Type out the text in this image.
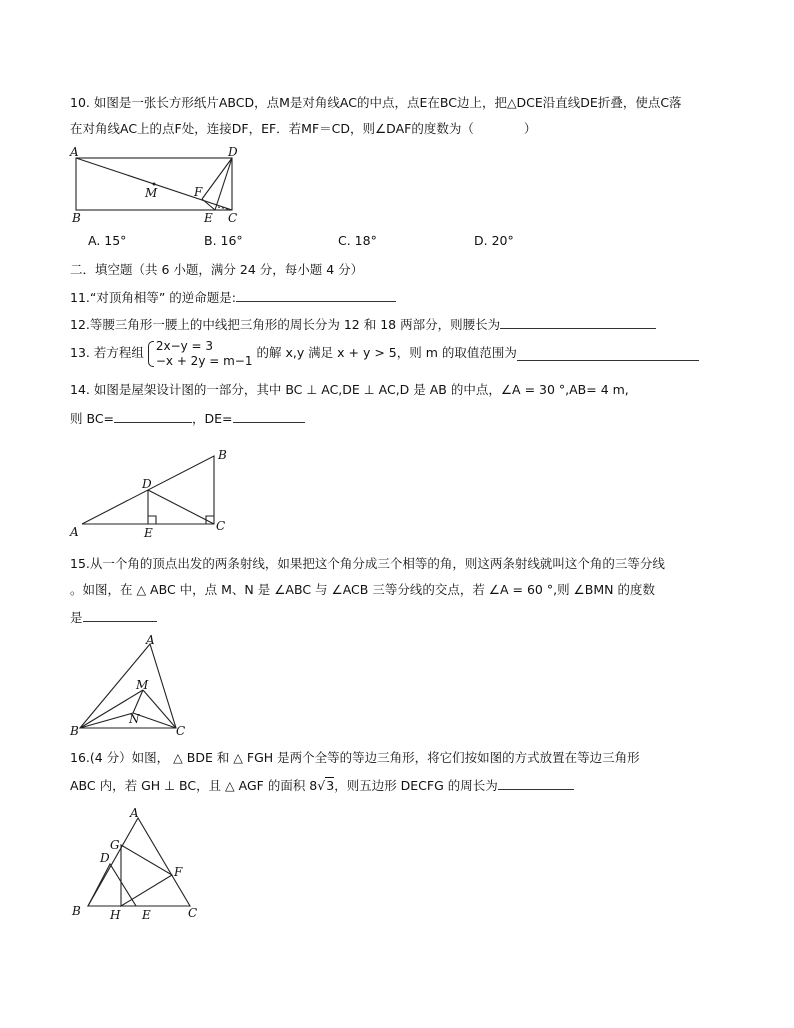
10. 如图是一张长方形纸片ABCD，点M是对角线AC的中点，点E在BC边上，把△DCE沿直线DE折叠，使点C落
在对角线AC上的点F处，连接DF，EF．若MF＝CD，则∠DAF的度数为（　　　　）
A	D
M	F
B	E C
A. 15°	B. 16°	C. 18°	D. 20°
二．填空题（共 6 小题，满分 24 分，每小题 4 分）
11.“对顶角相等” 的逆命题是:
12.等腰三角形一腰上的中线把三角形的周长分为 12 和 18 两部分，则腰长为
13. 若方程组 2x−y = 3
−x + 2y = m−1
的解 x,y 满足 x + y > 5，则 m 的取值范围为
14. 如图是屋架设计图的一部分，其中 BC ⊥ AC,DE ⊥ AC,D 是 AB 的中点，∠A = 30 °,AB= 4 m,
则 BC=	，DE=
B
D
A	E	C
15.从一个角的顶点出发的两条射线，如果把这个角分成三个相等的角，则这两条射线就叫这个角的三等分线
。如图，在 △ ABC 中，点 M、N 是 ∠ABC 与 ∠ACB 三等分线的交点，若 ∠A = 60 °,则 ∠BMN 的度数
是
A
M
N
B	C
16.(4 分）如图， △ BDE 和 △ FGH 是两个全等的等边三角形，将它们按如图的方式放置在等边三角形
ABC 内，若 GH ⊥ BC，且 △ AGF 的面积 8√3，则五边形 DECFG 的周长为
A
G
D
F
B H E	C
